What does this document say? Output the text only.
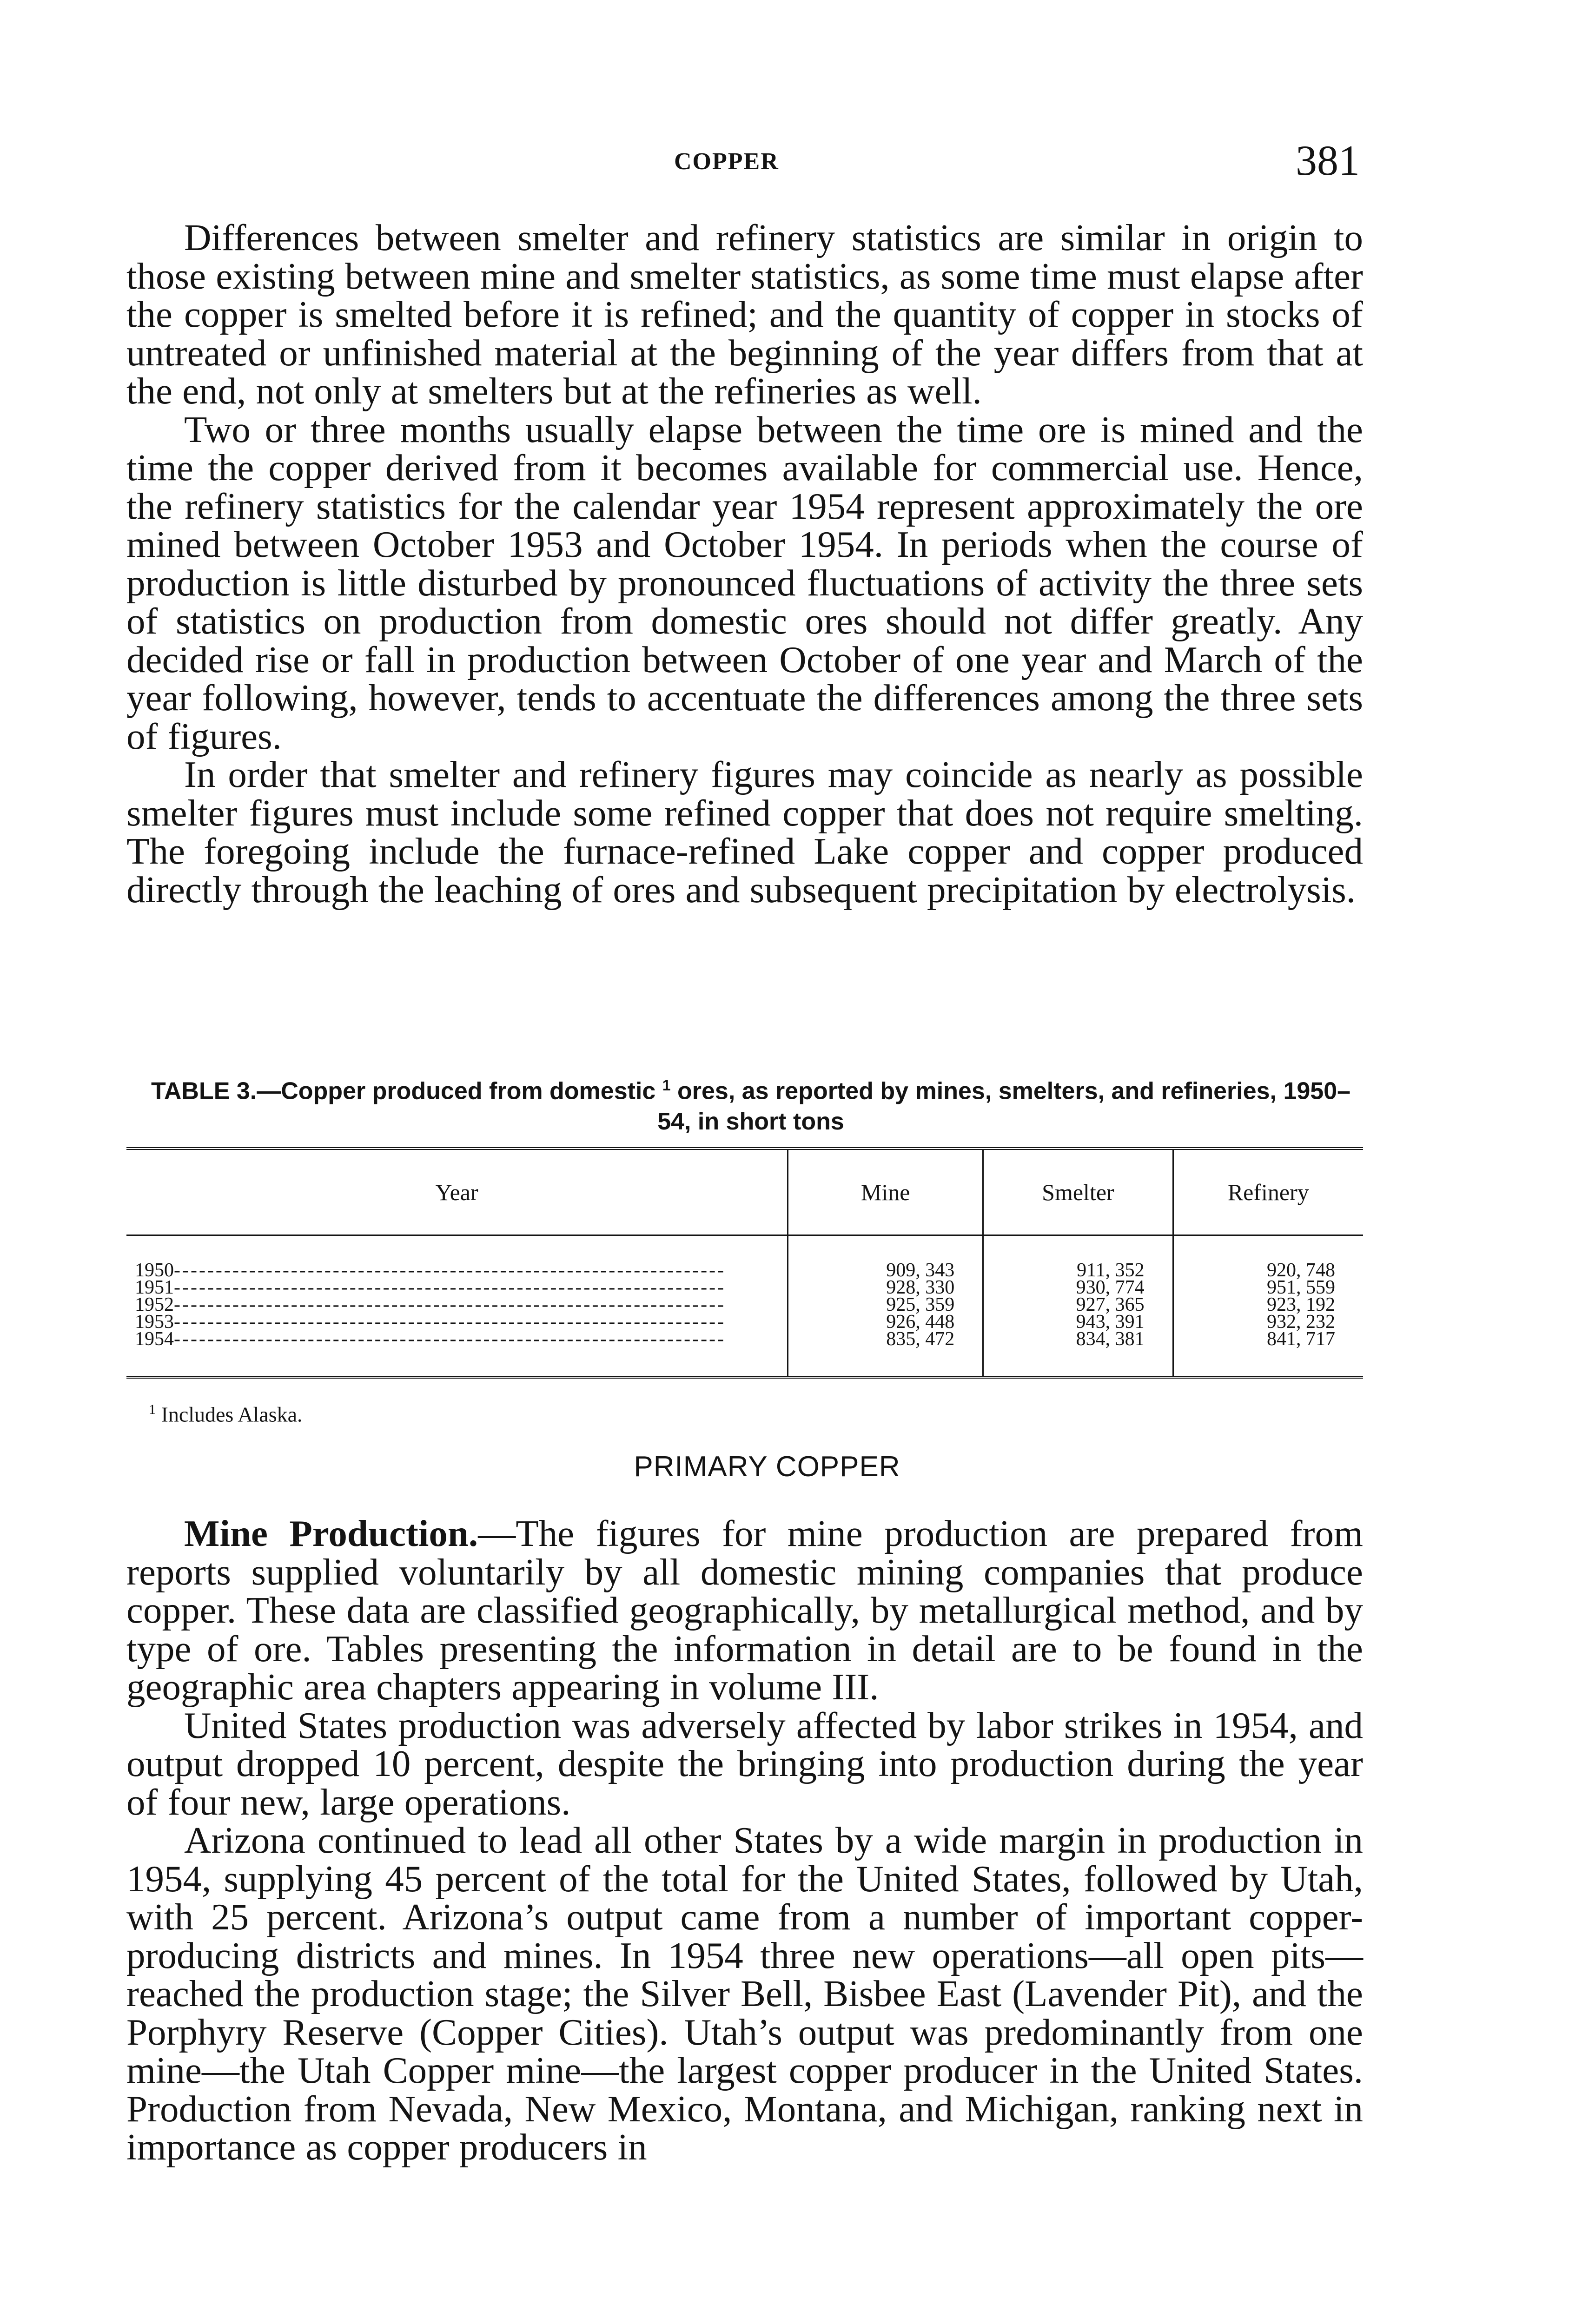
COPPER	381

Differences between smelter and refinery statistics are similar in origin to those existing between mine and smelter statistics, as some time must elapse after the copper is smelted before it is refined; and the quantity of copper in stocks of untreated or unfinished material at the beginning of the year differs from that at the end, not only at smelters but at the refineries as well.

Two or three months usually elapse between the time ore is mined and the time the copper derived from it becomes available for commercial use. Hence, the refinery statistics for the calendar year 1954 represent approximately the ore mined between October 1953 and October 1954. In periods when the course of production is little disturbed by pronounced fluctuations of activity the three sets of statistics on production from domestic ores should not differ greatly. Any decided rise or fall in production between October of one year and March of the year following, however, tends to accentuate the differences among the three sets of figures.

In order that smelter and refinery figures may coincide as nearly as possible smelter figures must include some refined copper that does not require smelting. The foregoing include the furnace-refined Lake copper and copper produced directly through the leaching of ores and subsequent precipitation by electrolysis.

TABLE 3.—Copper produced from domestic $^1$ ores, as reported by mines, smelters, and refineries, 1950–54, in short tons
Year	Mine	Smelter	Refinery
1950------------------------------------------------------------------	909, 343	911, 352	920, 748
1951------------------------------------------------------------------	928, 330	930, 774	951, 559
1952------------------------------------------------------------------	925, 359	927, 365	923, 192
1953------------------------------------------------------------------	926, 448	943, 391	932, 232
1954------------------------------------------------------------------	835, 472	834, 381	841, 717
$^1$ Includes Alaska.
PRIMARY COPPER

Mine Production.—The figures for mine production are prepared from reports supplied voluntarily by all domestic mining companies that produce copper. These data are classified geographically, by metallurgical method, and by type of ore. Tables presenting the information in detail are to be found in the geographic area chapters appearing in volume III.

United States production was adversely affected by labor strikes in 1954, and output dropped 10 percent, despite the bringing into production during the year of four new, large operations.

Arizona continued to lead all other States by a wide margin in production in 1954, supplying 45 percent of the total for the United States, followed by Utah, with 25 percent. Arizona’s output came from a number of important copper-producing districts and mines. In 1954 three new operations—all open pits—reached the production stage; the Silver Bell, Bisbee East (Lavender Pit), and the Porphyry Reserve (Copper Cities). Utah’s output was predominantly from one mine—the Utah Copper mine—the largest copper producer in the United States. Production from Nevada, New Mexico, Montana, and Michigan, ranking next in importance as copper producers in
